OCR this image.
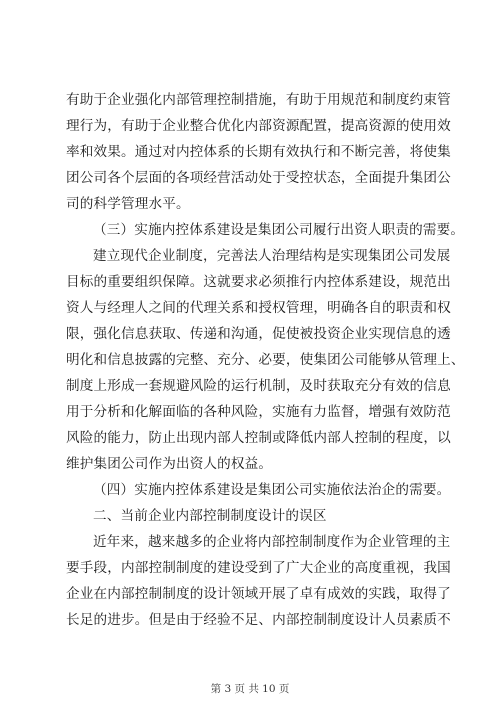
有助于企业强化内部管理控制措施，有助于用规范和制度约束管
理行为，有助于企业整合优化内部资源配置，提高资源的使用效
率和效果。通过对内控体系的长期有效执行和不断完善，将使集
团公司各个层面的各项经营活动处于受控状态，全面提升集团公
司的科学管理水平。
（三）实施内控体系建设是集团公司履行出资人职责的需要。
建立现代企业制度，完善法人治理结构是实现集团公司发展
目标的重要组织保障。这就要求必须推行内控体系建设，规范出
资人与经理人之间的代理关系和授权管理，明确各自的职责和权
限，强化信息获取、传递和沟通，促使被投资企业实现信息的透
明化和信息披露的完整、充分、必要，使集团公司能够从管理上、
制度上形成一套规避风险的运行机制，及时获取充分有效的信息
用于分析和化解面临的各种风险，实施有力监督，增强有效防范
风险的能力，防止出现内部人控制或降低内部人控制的程度，以
维护集团公司作为出资人的权益。
（四）实施内控体系建设是集团公司实施依法治企的需要。
二、当前企业内部控制制度设计的误区
近年来，越来越多的企业将内部控制制度作为企业管理的主
要手段，内部控制制度的建设受到了广大企业的高度重视，我国
企业在内部控制制度的设计领域开展了卓有成效的实践，取得了
长足的进步。但是由于经验不足、内部控制制度设计人员素质不
第 3 页 共 10 页
